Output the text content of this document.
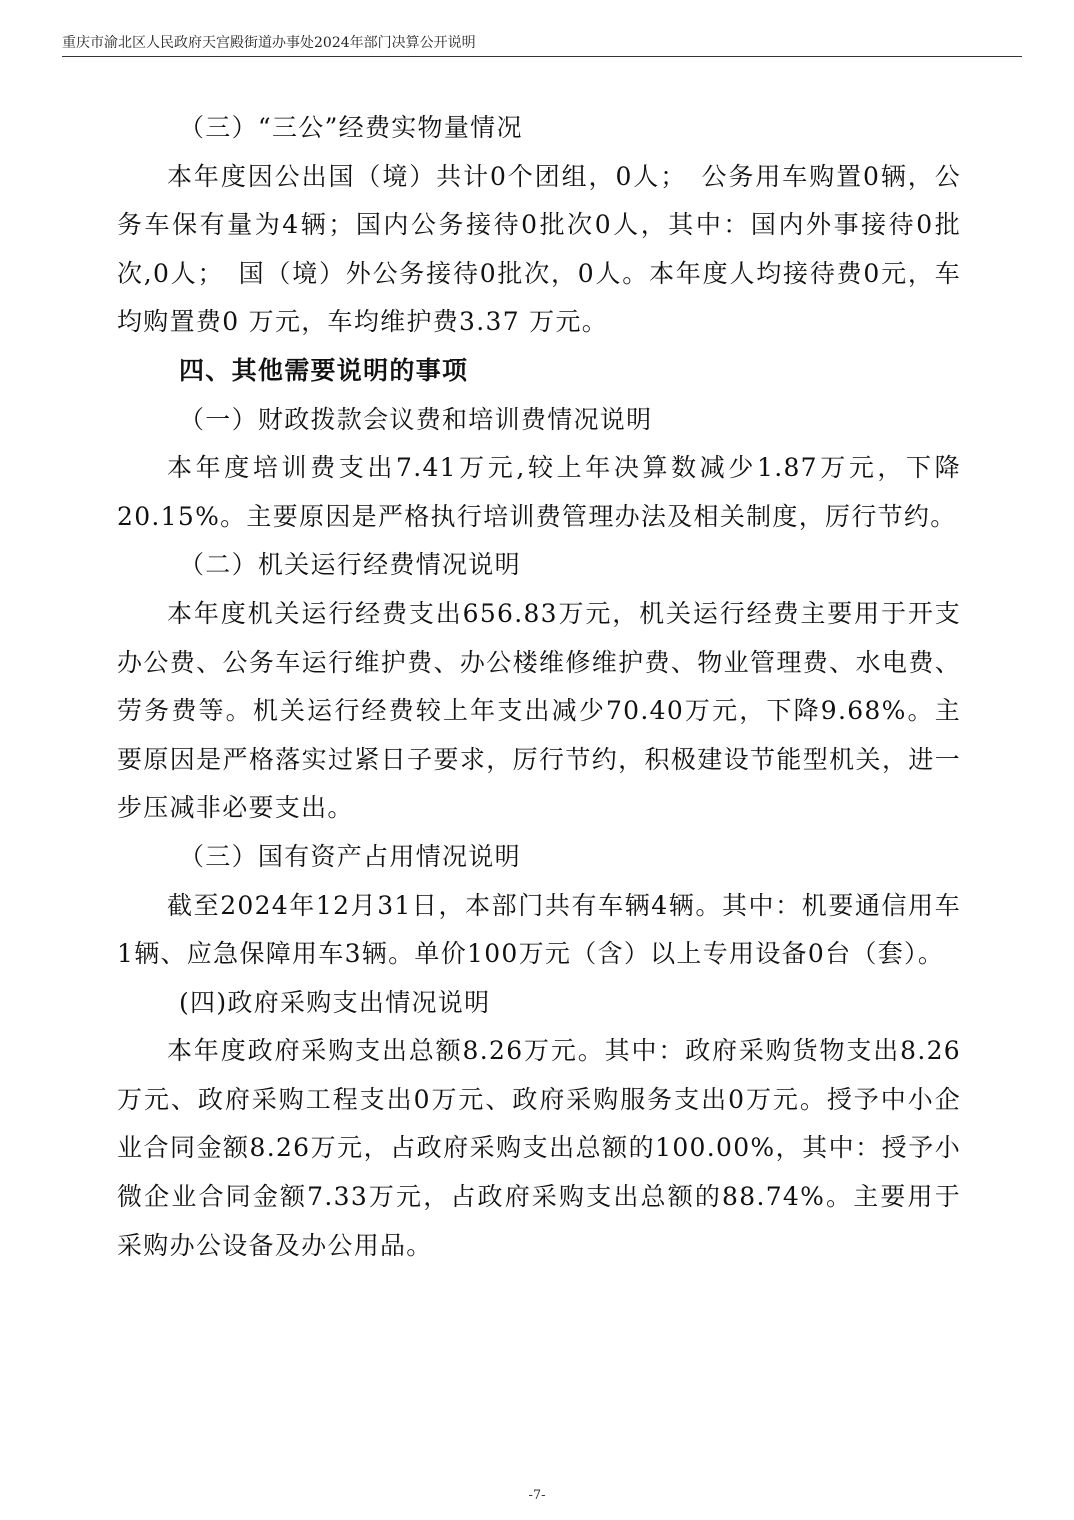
重庆市渝北区人民政府天宫殿街道办事处2024年部门决算公开说明

（三）“三公”经费实物量情况

本年度因公出国（境）共计0个团组，0人；　公务用车购置0辆，公务车保有量为4辆；国内公务接待0批次0人，其中：国内外事接待0批次,0人；　国（境）外公务接待0批次，0人。本年度人均接待费0元，车均购置费0 万元，车均维护费3.37 万元。

四、其他需要说明的事项

（一）财政拨款会议费和培训费情况说明

本年度培训费支出7.41万元,较上年决算数减少1.87万元，下降20.15%。主要原因是严格执行培训费管理办法及相关制度，厉行节约。

（二）机关运行经费情况说明

本年度机关运行经费支出656.83万元，机关运行经费主要用于开支办公费、公务车运行维护费、办公楼维修维护费、物业管理费、水电费、劳务费等。机关运行经费较上年支出减少70.40万元，下降9.68%。主要原因是严格落实过紧日子要求，厉行节约，积极建设节能型机关，进一步压减非必要支出。

（三）国有资产占用情况说明

截至2024年12月31日，本部门共有车辆4辆。其中：机要通信用车1辆、应急保障用车3辆。单价100万元（含）以上专用设备0台（套）。

(四)政府采购支出情况说明

本年度政府采购支出总额8.26万元。其中：政府采购货物支出8.26万元、政府采购工程支出0万元、政府采购服务支出0万元。授予中小企业合同金额8.26万元，占政府采购支出总额的100.00%，其中：授予小微企业合同金额7.33万元，占政府采购支出总额的88.74%。主要用于采购办公设备及办公用品。

-7-
